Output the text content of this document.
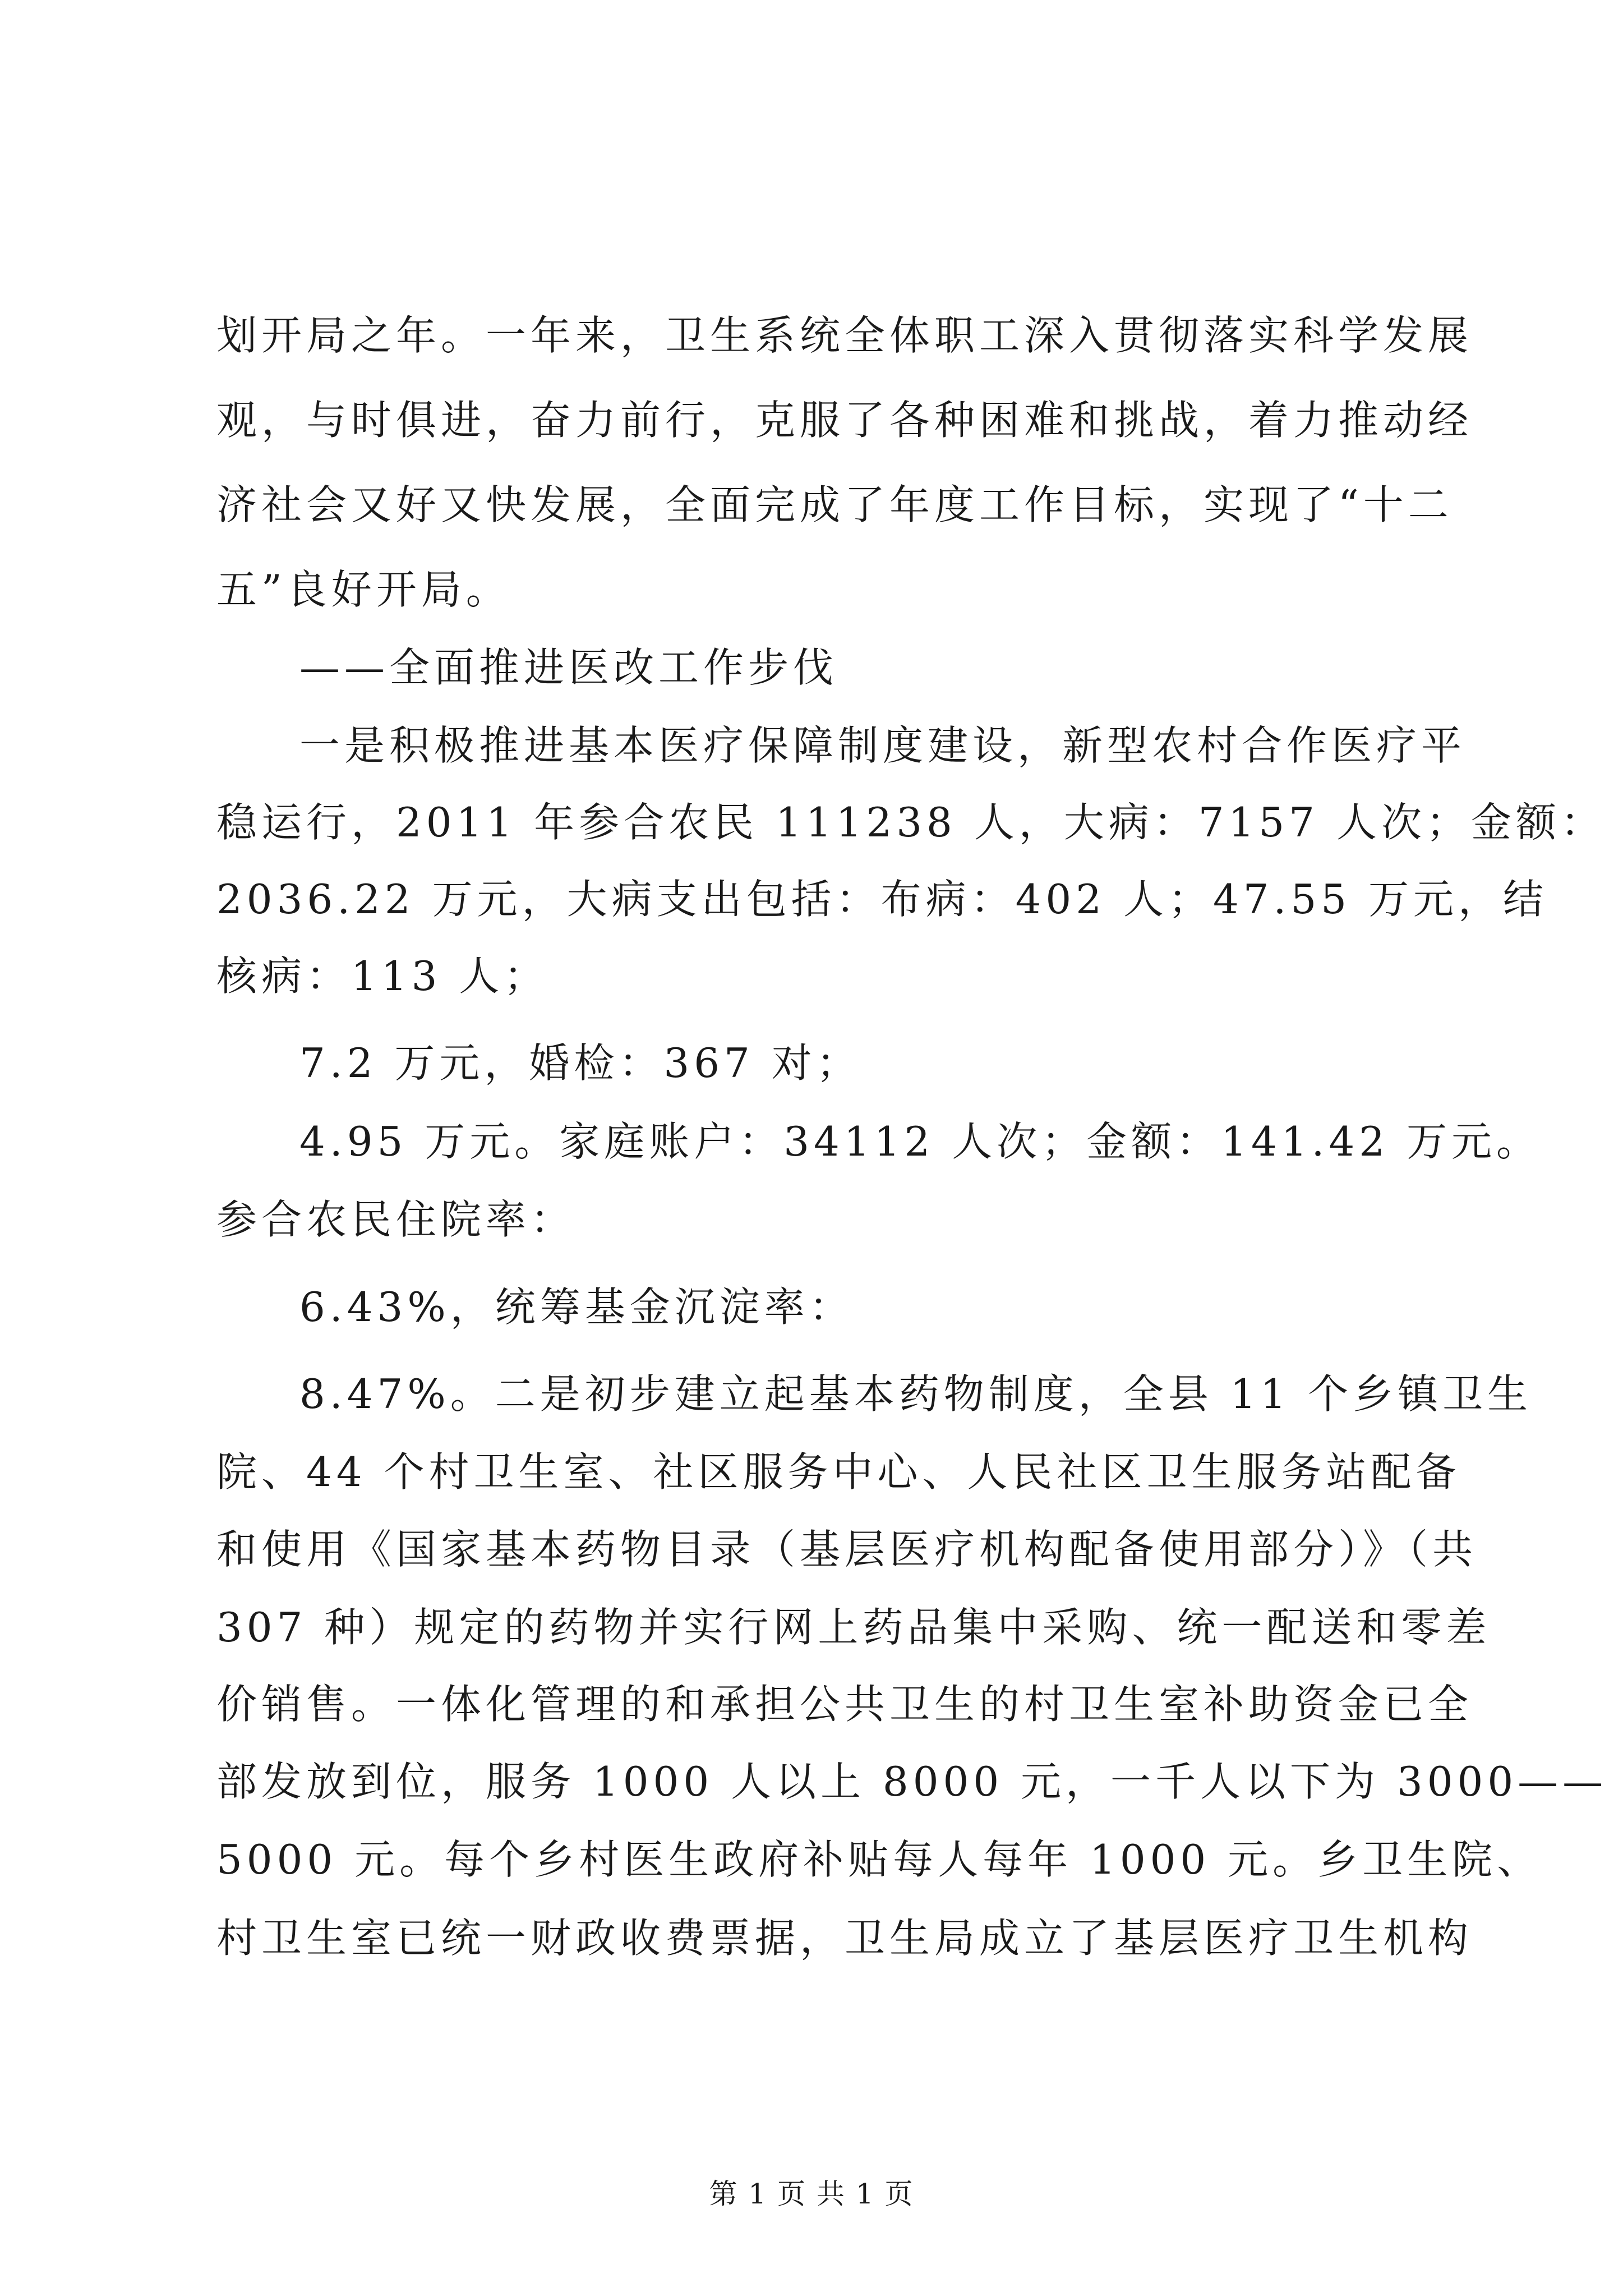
划开局之年。一年来，卫生系统全体职工深入贯彻落实科学发展
观，与时俱进，奋力前行，克服了各种困难和挑战，着力推动经
济社会又好又快发展，全面完成了年度工作目标，实现了“十二
五”良好开局。
——全面推进医改工作步伐
一是积极推进基本医疗保障制度建设，新型农村合作医疗平
稳运行，2011 年参合农民 111238 人，大病：7157 人次；金额：
2036.22 万元，大病支出包括：布病：402 人；47.55 万元，结
核病：113 人；
7.2 万元，婚检：367 对；
4.95 万元。家庭账户：34112 人次；金额：141.42 万元。
参合农民住院率：
6.43%，统筹基金沉淀率：
8.47%。二是初步建立起基本药物制度，全县 11 个乡镇卫生
院、44 个村卫生室、社区服务中心、人民社区卫生服务站配备
和使用《国家基本药物目录（基层医疗机构配备使用部分）》（共
307 种）规定的药物并实行网上药品集中采购、统一配送和零差
价销售。一体化管理的和承担公共卫生的村卫生室补助资金已全
部发放到位，服务 1000 人以上 8000 元，一千人以下为 3000——
5000 元。每个乡村医生政府补贴每人每年 1000 元。乡卫生院、
村卫生室已统一财政收费票据，卫生局成立了基层医疗卫生机构
第 1 页 共 1 页
